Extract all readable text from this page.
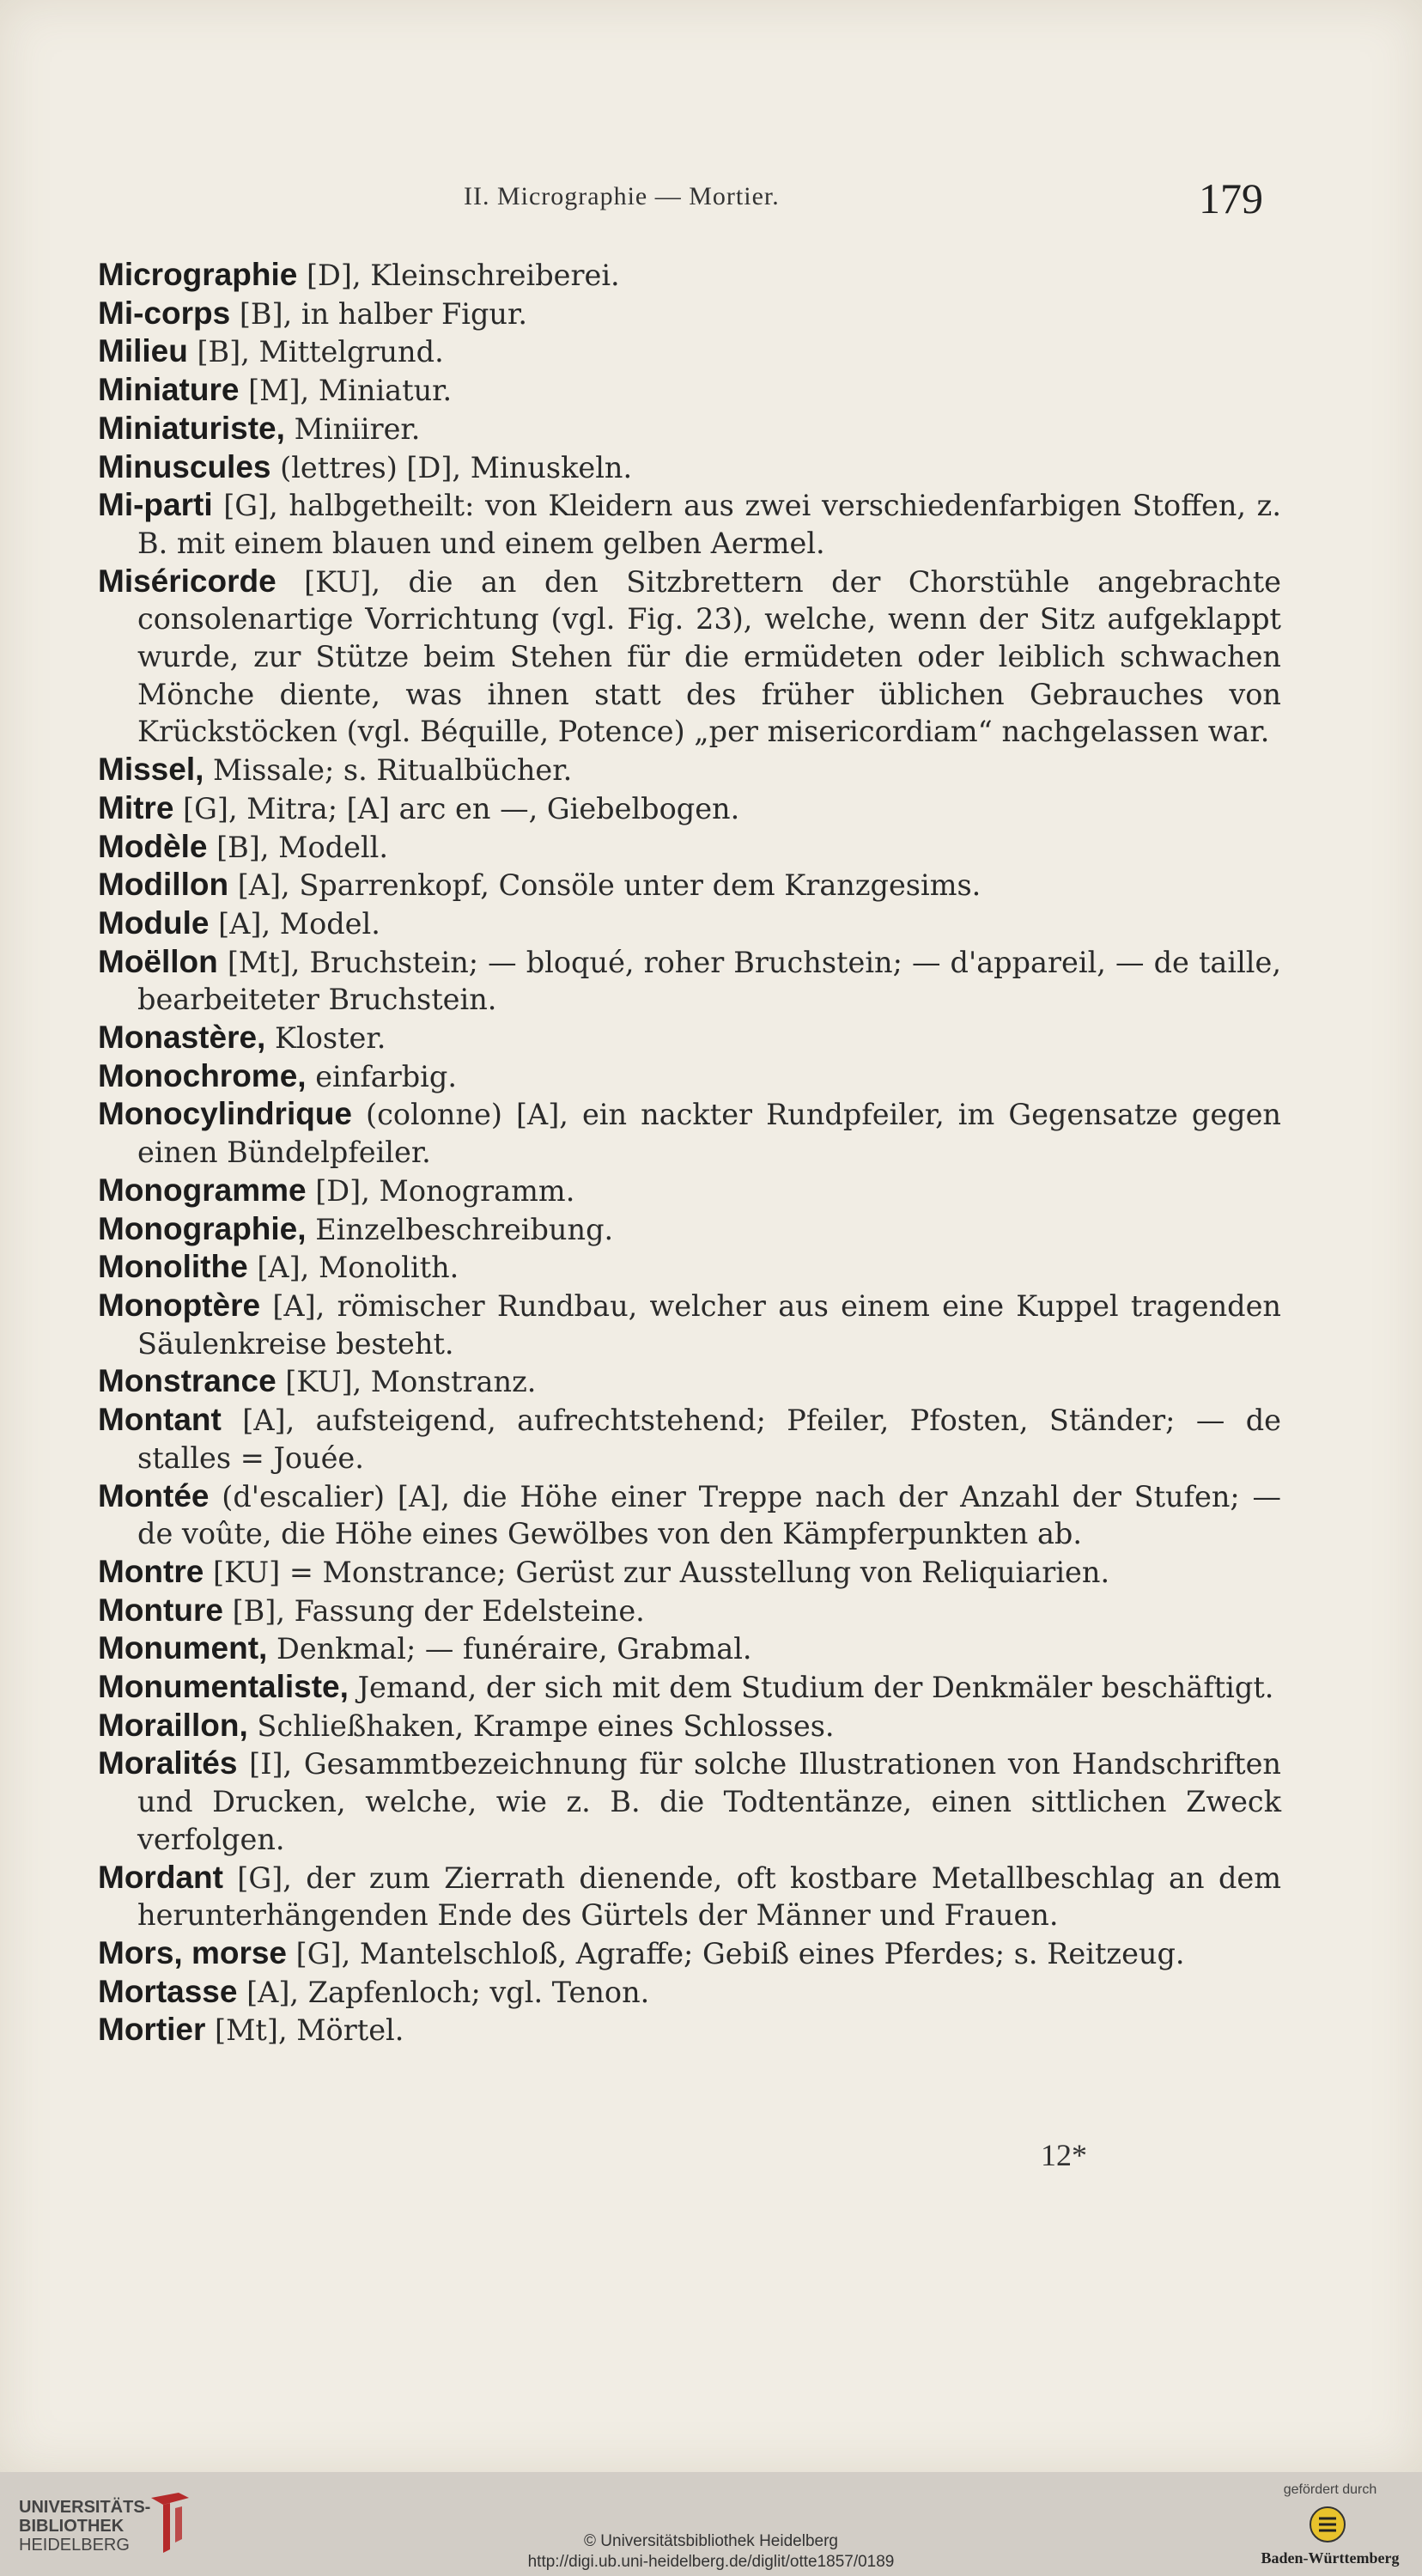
II. Micrographie — Mortier.	179
Micrographie [D], Kleinschreiberei.
Mi-corps [B], in halber Figur.
Milieu [B], Mittelgrund.
Miniature [M], Miniatur.
Miniaturiste, Miniirer.
Minuscules (lettres) [D], Minuskeln.
Mi-parti [G], halbgetheilt: von Kleidern aus zwei verschiedenfarbigen Stoffen, z. B. mit einem blauen und einem gelben Aermel.
Miséricorde [KU], die an den Sitzbrettern der Chorstühle angebrachte consolenartige Vorrichtung (vgl. Fig. 23), welche, wenn der Sitz aufgeklappt wurde, zur Stütze beim Stehen für die ermüdeten oder leiblich schwachen Mönche diente, was ihnen statt des früher üblichen Gebrauches von Krückstöcken (vgl. Béquille, Potence) „per misericordiam“ nachgelassen war.
Missel, Missale; s. Ritualbücher.
Mitre [G], Mitra; [A] arc en —, Giebelbogen.
Modèle [B], Modell.
Modillon [A], Sparrenkopf, Consöle unter dem Kranzgesims.
Module [A], Model.
Moëllon [Mt], Bruchstein; — bloqué, roher Bruchstein; — d'appareil, — de taille, bearbeiteter Bruchstein.
Monastère, Kloster.
Monochrome, einfarbig.
Monocylindrique (colonne) [A], ein nackter Rundpfeiler, im Gegensatze gegen einen Bündelpfeiler.
Monogramme [D], Monogramm.
Monographie, Einzelbeschreibung.
Monolithe [A], Monolith.
Monoptère [A], römischer Rundbau, welcher aus einem eine Kuppel tragenden Säulenkreise besteht.
Monstrance [KU], Monstranz.
Montant [A], aufsteigend, aufrechtstehend; Pfeiler, Pfosten, Ständer; — de stalles = Jouée.
Montée (d'escalier) [A], die Höhe einer Treppe nach der Anzahl der Stufen; — de voûte, die Höhe eines Gewölbes von den Kämpferpunkten ab.
Montre [KU] = Monstrance; Gerüst zur Ausstellung von Reliquiarien.
Monture [B], Fassung der Edelsteine.
Monument, Denkmal; — funéraire, Grabmal.
Monumentaliste, Jemand, der sich mit dem Studium der Denkmäler beschäftigt.
Moraillon, Schließhaken, Krampe eines Schlosses.
Moralités [I], Gesammtbezeichnung für solche Illustrationen von Handschriften und Drucken, welche, wie z. B. die Todtentänze, einen sittlichen Zweck verfolgen.
Mordant [G], der zum Zierrath dienende, oft kostbare Metallbeschlag an dem herunterhängenden Ende des Gürtels der Männer und Frauen.
Mors, morse [G], Mantelschloß, Agraffe; Gebiß eines Pferdes; s. Reitzeug.
Mortasse [A], Zapfenloch; vgl. Tenon.
Mortier [Mt], Mörtel.
12*
UNIVERSITÄTS-
BIBLIOTHEK
HEIDELBERG	© Universitätsbibliothek Heidelberg
http://digi.ub.uni-heidelberg.de/diglit/otte1857/0189
gefördert durch
Baden-Württemberg
